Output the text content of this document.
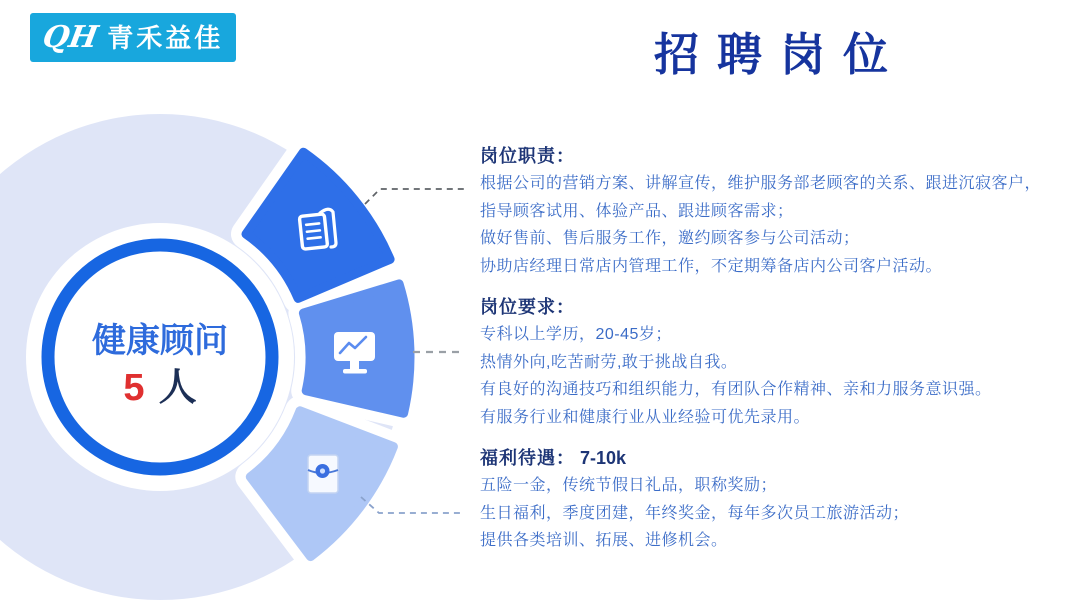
QH 青禾益佳	招聘岗位
健康顾问
5 人
岗位职责：

根据公司的营销方案、讲解宣传，维护服务部老顾客的关系、跟进沉寂客户，

指导顾客试用、体验产品、跟进顾客需求；

做好售前、售后服务工作，邀约顾客参与公司活动；

协助店经理日常店内管理工作，不定期筹备店内公司客户活动。

岗位要求：

专科以上学历，20-45岁；

热情外向,吃苦耐劳,敢于挑战自我。

有良好的沟通技巧和组织能力，有团队合作精神、亲和力服务意识强。

有服务行业和健康行业从业经验可优先录用。

福利待遇： 7-10k

五险一金，传统节假日礼品，职称奖励；

生日福利，季度团建，年终奖金，每年多次员工旅游活动；

提供各类培训、拓展、进修机会。
